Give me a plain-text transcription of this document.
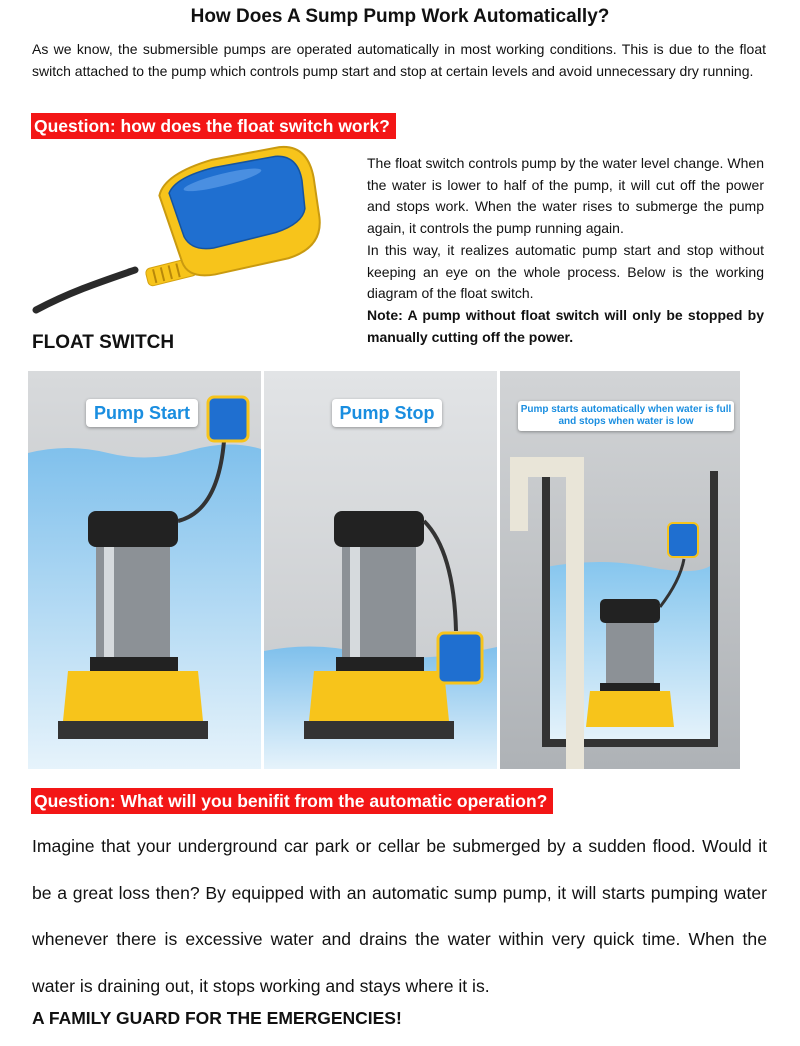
How Does A Sump Pump Work Automatically?
As we know, the submersible pumps are operated automatically in most working conditions. This is due to the float switch attached to the pump which controls pump start and stop at certain levels and avoid unnecessary dry running.
Question: how does the float switch work?
FLOAT SWITCH

The float switch controls pump by the water level change. When the water is lower to half of the pump, it will cut off the power and stops work. When the water rises to submerge the pump again, it controls the pump running again.

In this way, it realizes automatic pump start and stop without keeping an eye on the whole process. Below is the working diagram of the float switch.

Note: A pump without float switch will only be stopped by manually cutting off the power.

Pump Start	Pump Stop	Pump starts automatically when water is full and stops when water is low
Question: What will you benifit from the automatic operation?

Imagine that your underground car park or cellar be submerged by a sudden flood. Would it be a great loss then? By equipped with an automatic sump pump, it will starts pumping water whenever there is excessive water and drains the water within very quick time. When the water is draining out, it stops working and stays where it is.

A FAMILY GUARD FOR THE EMERGENCIES!
